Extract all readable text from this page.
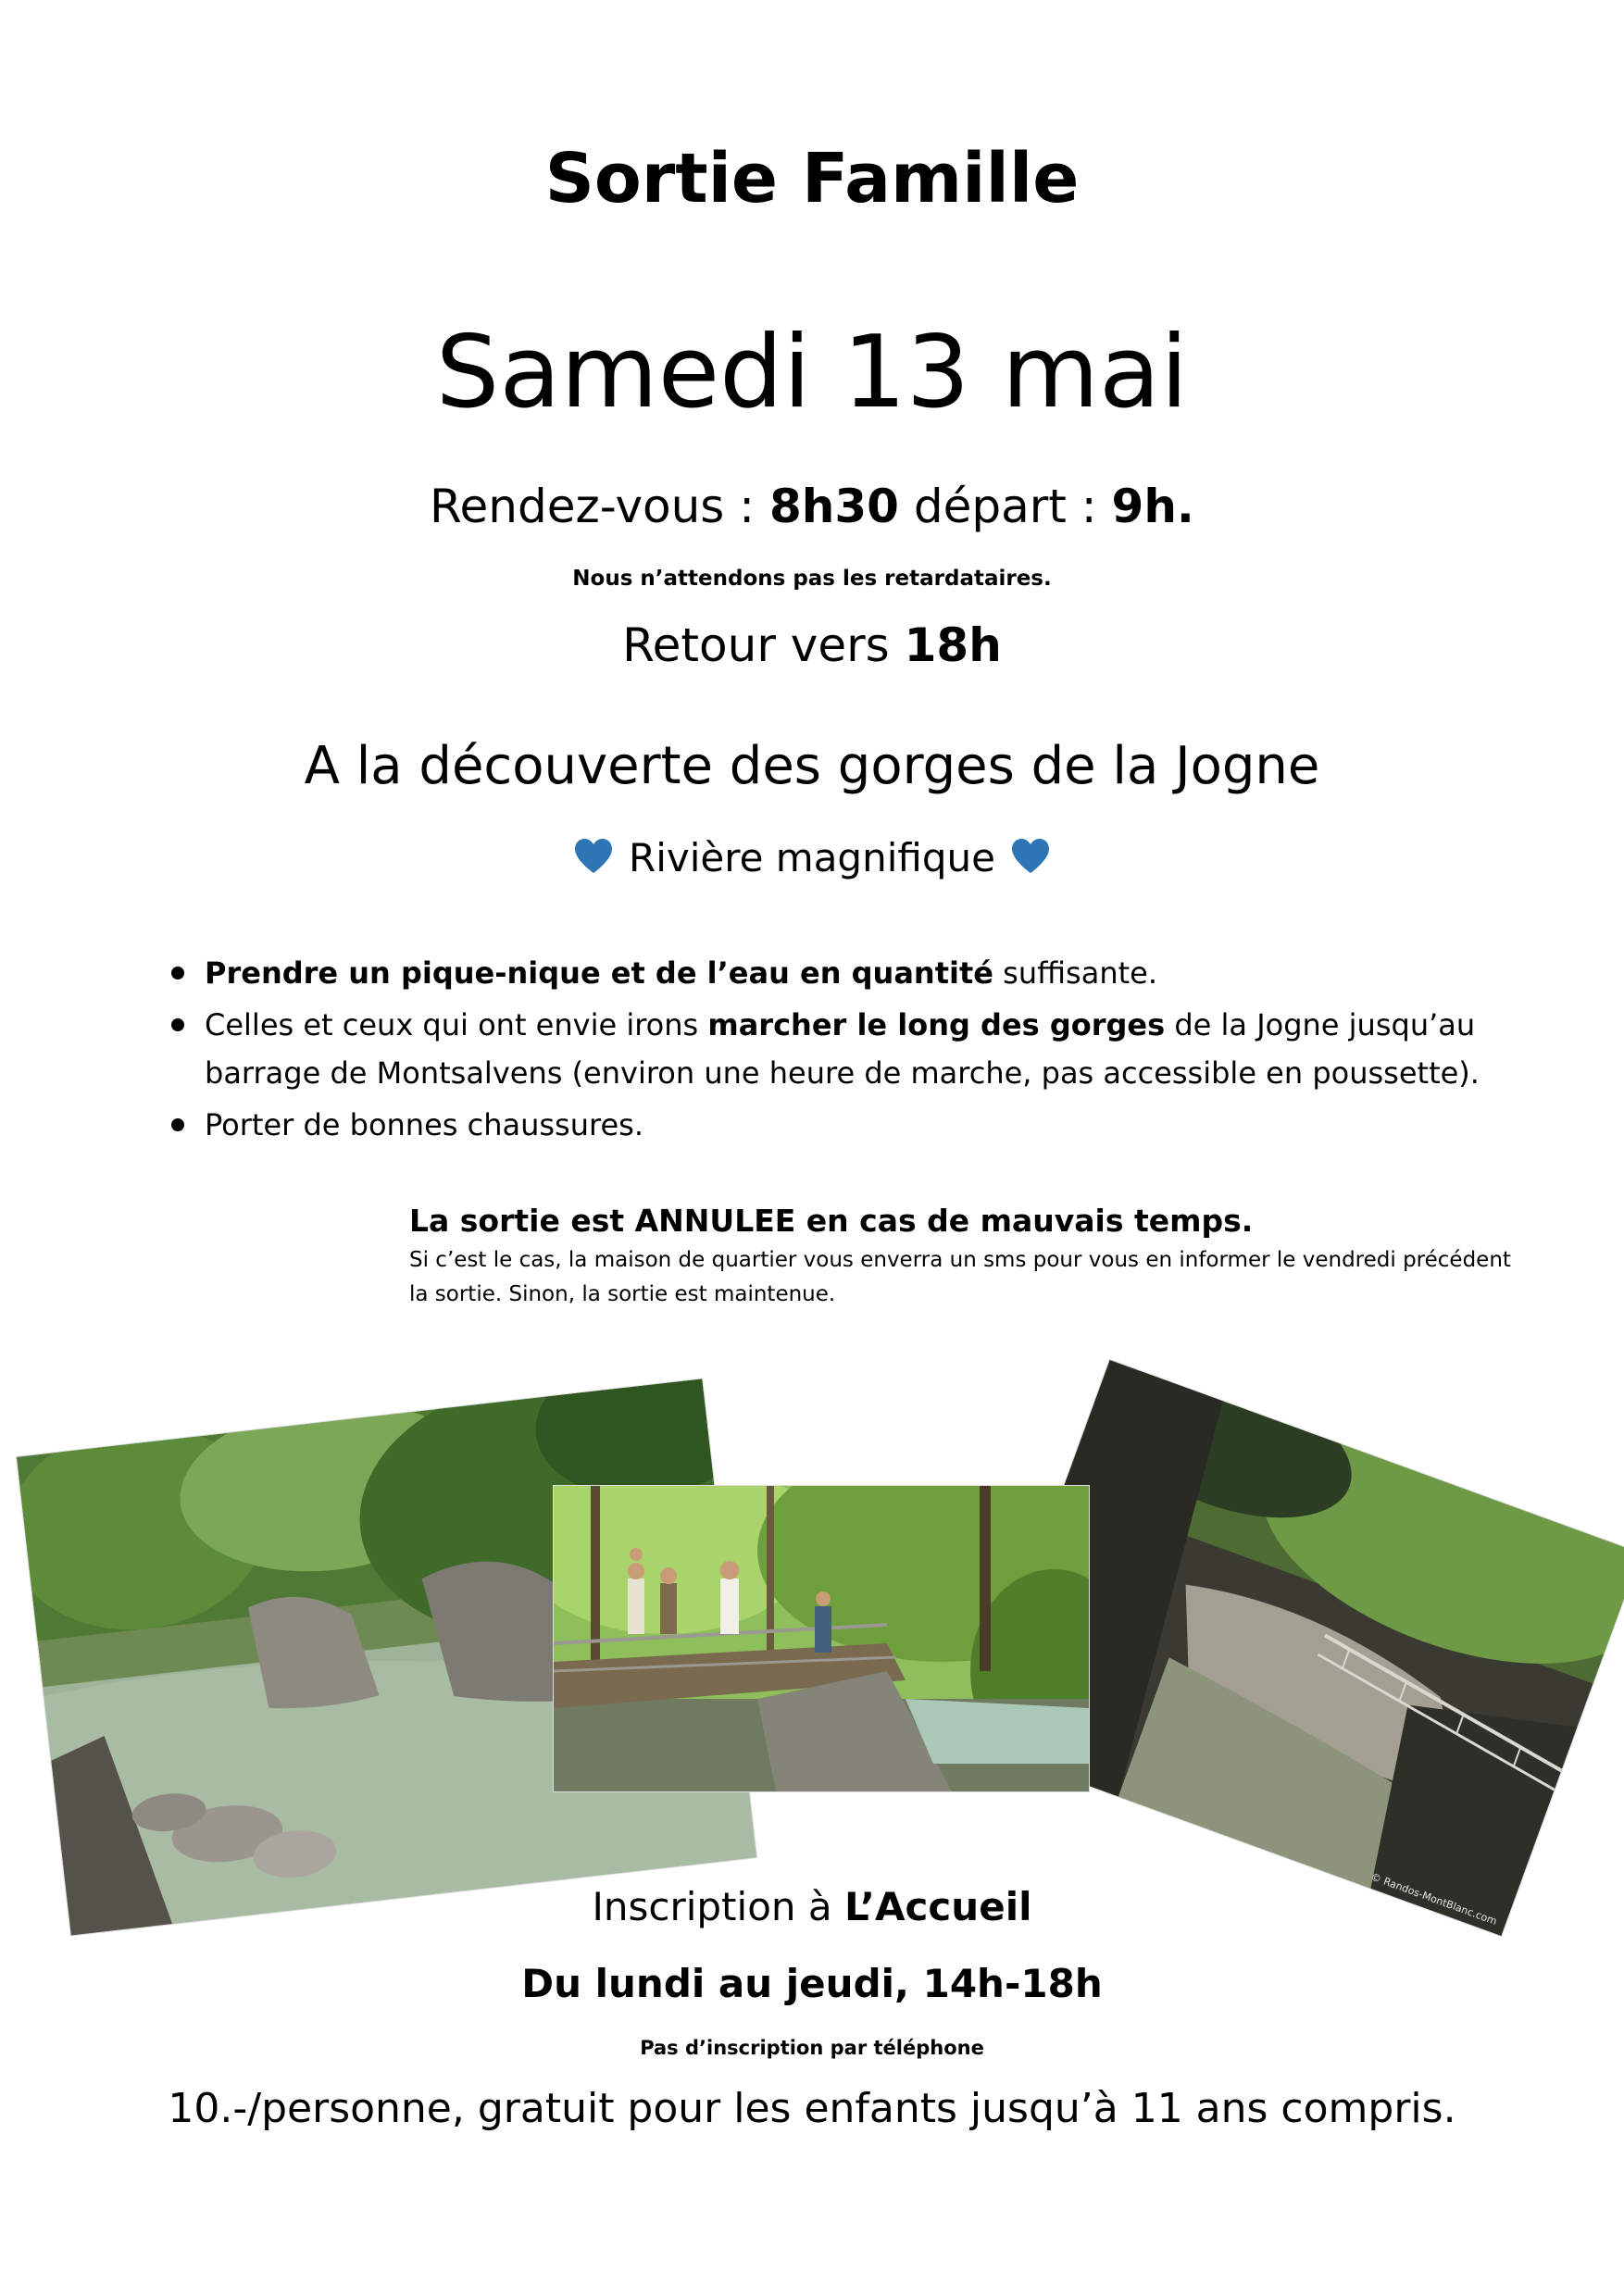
Sortie Famille
Samedi 13 mai
Rendez-vous : 8h30 départ : 9h.
Nous n’attendons pas les retardataires.
Retour vers 18h
A la découverte des gorges de la Jogne
Rivière magnifique
Prendre un pique-nique et de l’eau en quantité suffisante.
Celles et ceux qui ont envie irons marcher le long des gorges de la Jogne jusqu’au barrage de Montsalvens (environ une heure de marche, pas accessible en poussette).
Porter de bonnes chaussures.
La sortie est ANNULEE en cas de mauvais temps.
Si c’est le cas, la maison de quartier vous enverra un sms pour vous en informer le vendredi précédent la sortie. Sinon, la sortie est maintenue.
© Randos-MontBlanc.com
Inscription à L’Accueil
Du lundi au jeudi, 14h-18h
Pas d’inscription par téléphone
10.-/personne, gratuit pour les enfants jusqu’à 11 ans compris.
